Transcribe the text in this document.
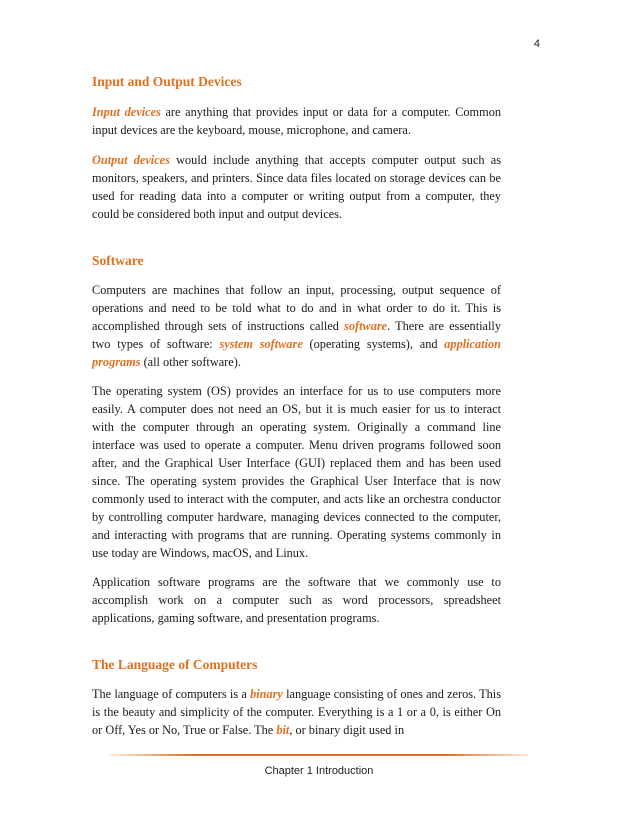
4
Input and Output Devices

Input devices are anything that provides input or data for a computer. Common input devices are the keyboard, mouse, microphone, and camera.

Output devices would include anything that accepts computer output such as monitors, speakers, and printers. Since data files located on storage devices can be used for reading data into a computer or writing output from a computer, they could be considered both input and output devices.

Software

Computers are machines that follow an input, processing, output sequence of operations and need to be told what to do and in what order to do it. This is accomplished through sets of instructions called software. There are essentially two types of software: system software (operating systems), and application programs (all other software).

The operating system (OS) provides an interface for us to use computers more easily. A computer does not need an OS, but it is much easier for us to interact with the computer through an operating system. Originally a command line interface was used to operate a computer. Menu driven programs followed soon after, and the Graphical User Interface (GUI) replaced them and has been used since. The operating system provides the Graphical User Interface that is now commonly used to interact with the computer, and acts like an orchestra conductor by controlling computer hardware, managing devices connected to the computer, and interacting with programs that are running. Operating systems commonly in use today are Windows, macOS, and Linux.

Application software programs are the software that we commonly use to accomplish work on a computer such as word processors, spreadsheet applications, gaming software, and presentation programs.

The Language of Computers

The language of computers is a binary language consisting of ones and zeros. This is the beauty and simplicity of the computer. Everything is a 1 or a 0, is either On or Off, Yes or No, True or False. The bit, or binary digit used in

Chapter 1 Introduction
